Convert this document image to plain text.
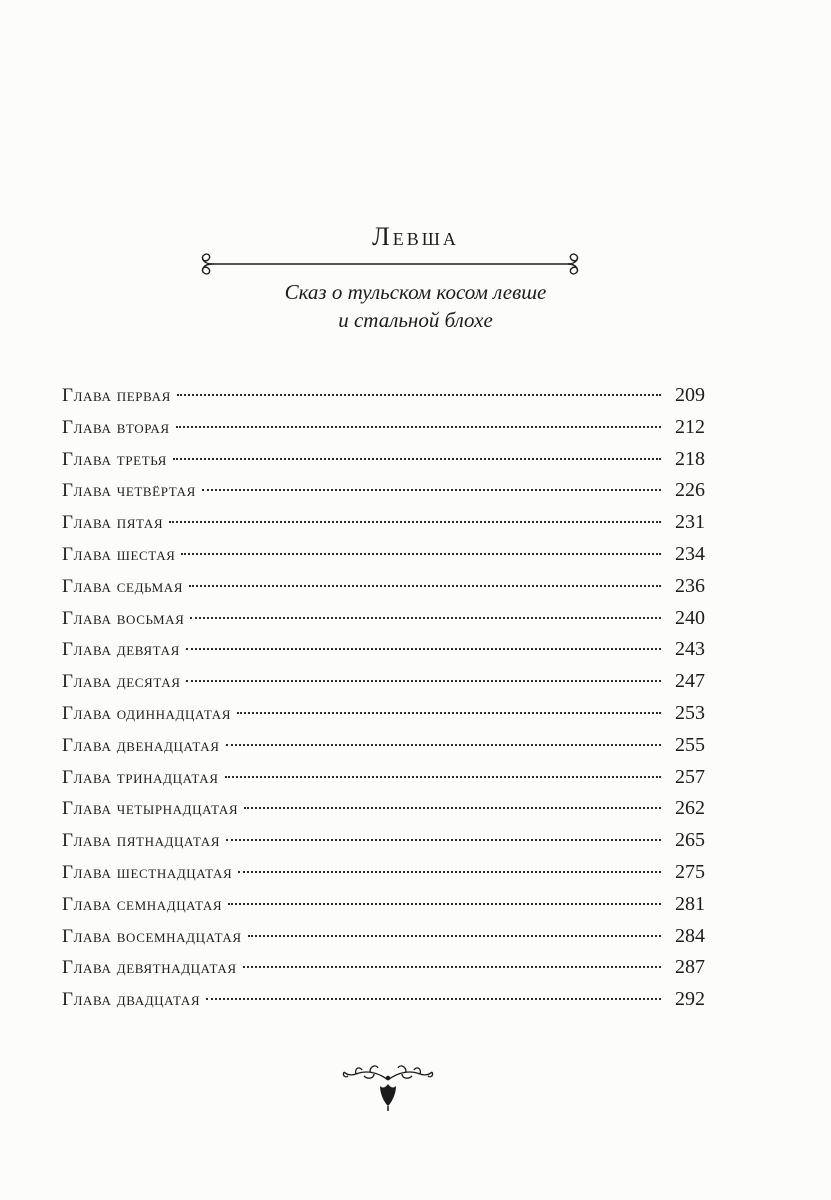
Левша
Сказ о тульском косом левше
и стальной блохе
Глава первая	209
Глава вторая	212
Глава третья	218
Глава четвёртая	226
Глава пятая	231
Глава шестая	234
Глава седьмая	236
Глава восьмая	240
Глава девятая	243
Глава десятая	247
Глава одиннадцатая	253
Глава двенадцатая	255
Глава тринадцатая	257
Глава четырнадцатая	262
Глава пятнадцатая	265
Глава шестнадцатая	275
Глава семнадцатая	281
Глава восемнадцатая	284
Глава девятнадцатая	287
Глава двадцатая	292
